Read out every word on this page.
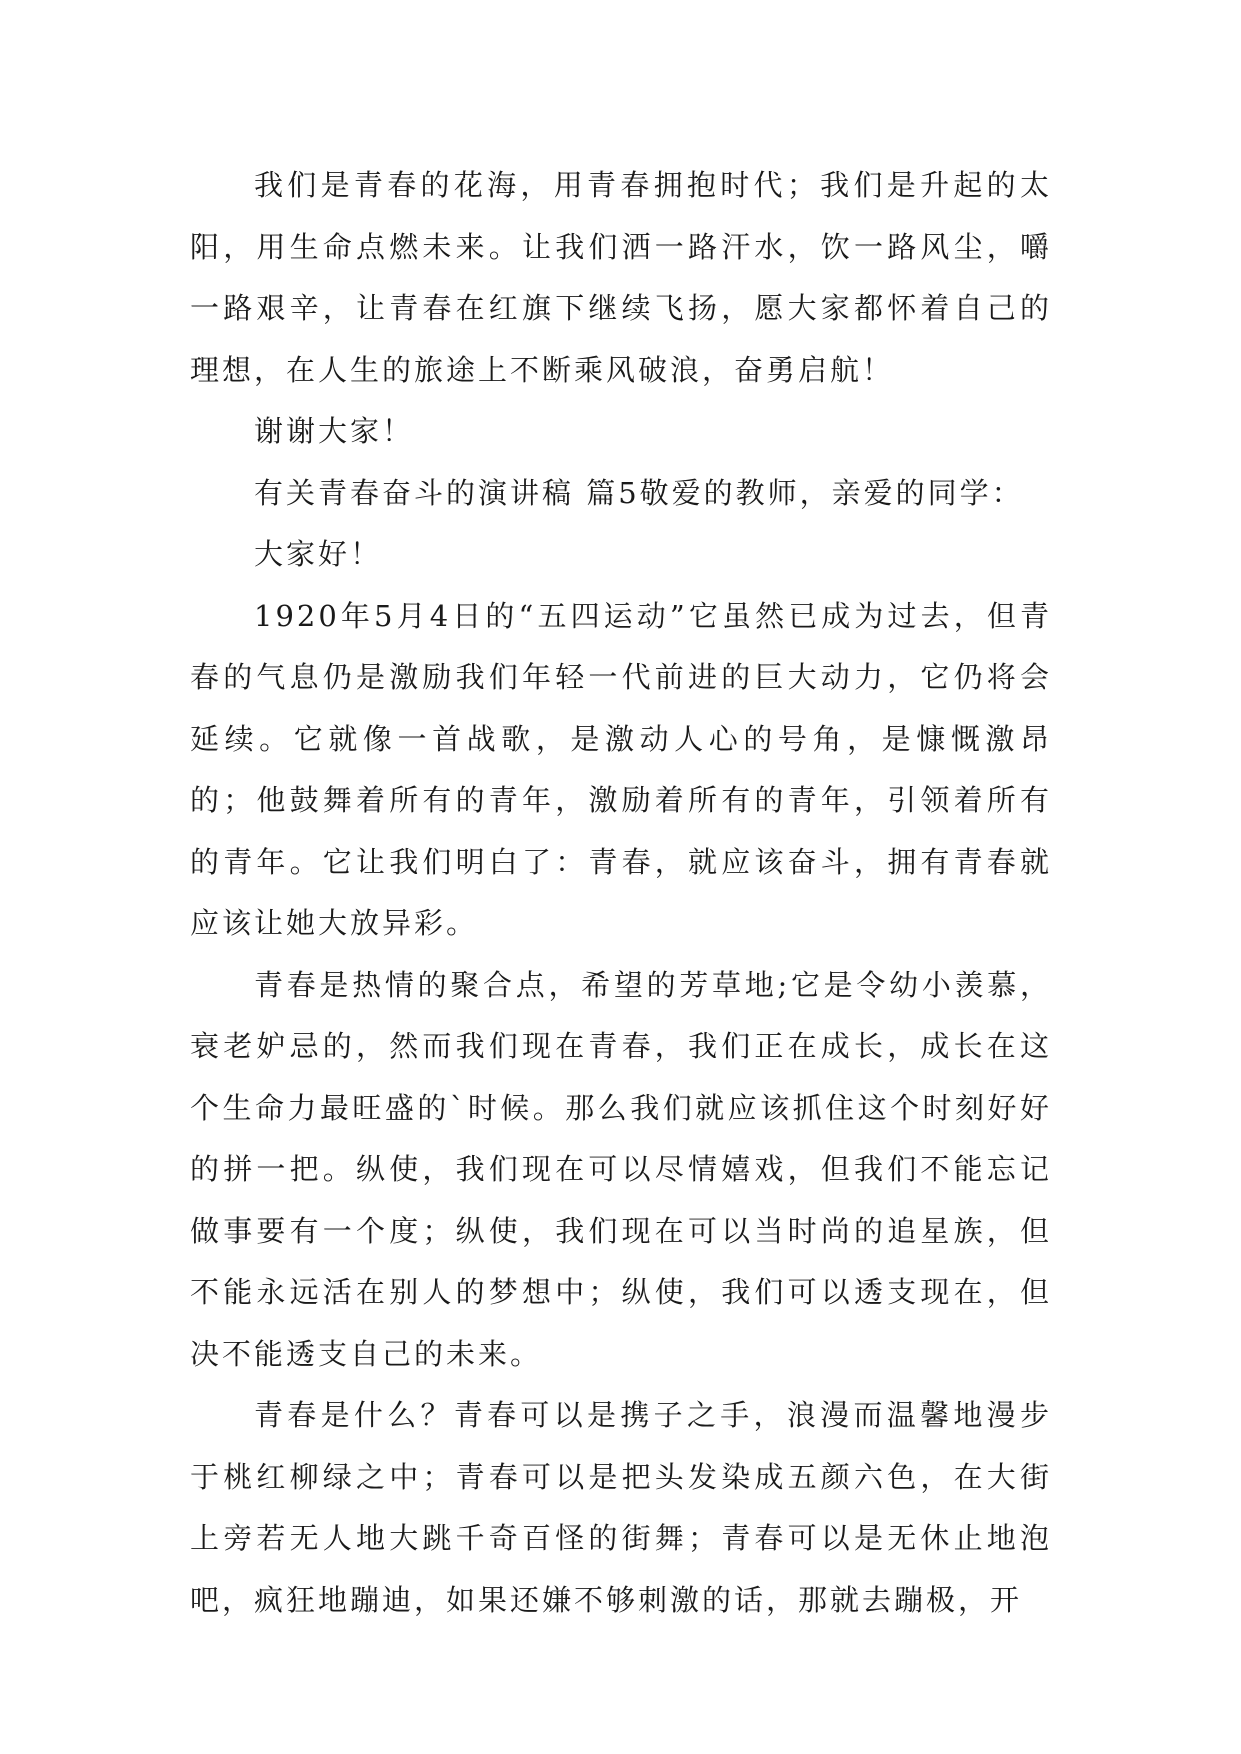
我们是青春的花海，用青春拥抱时代；我们是升起的太阳，用生命点燃未来。让我们洒一路汗水，饮一路风尘，嚼一路艰辛，让青春在红旗下继续飞扬，愿大家都怀着自己的理想，在人生的旅途上不断乘风破浪，奋勇启航！

谢谢大家！

有关青春奋斗的演讲稿 篇5敬爱的教师，亲爱的同学：

大家好！

1920年5月4日的“五四运动”它虽然已成为过去，但青春的气息仍是激励我们年轻一代前进的巨大动力，它仍将会延续。它就像一首战歌，是激动人心的号角，是慷慨激昂的；他鼓舞着所有的青年，激励着所有的青年，引领着所有的青年。它让我们明白了：青春，就应该奋斗，拥有青春就应该让她大放异彩。

青春是热情的聚合点，希望的芳草地;它是令幼小羡慕，衰老妒忌的，然而我们现在青春，我们正在成长，成长在这个生命力最旺盛的`时候。那么我们就应该抓住这个时刻好好的拼一把。纵使，我们现在可以尽情嬉戏，但我们不能忘记做事要有一个度；纵使，我们现在可以当时尚的追星族，但不能永远活在别人的梦想中；纵使，我们可以透支现在，但决不能透支自己的未来。

青春是什么？青春可以是携子之手，浪漫而温馨地漫步于桃红柳绿之中；青春可以是把头发染成五颜六色，在大街上旁若无人地大跳千奇百怪的街舞；青春可以是无休止地泡吧，疯狂地蹦迪，如果还嫌不够刺激的话，那就去蹦极，开
